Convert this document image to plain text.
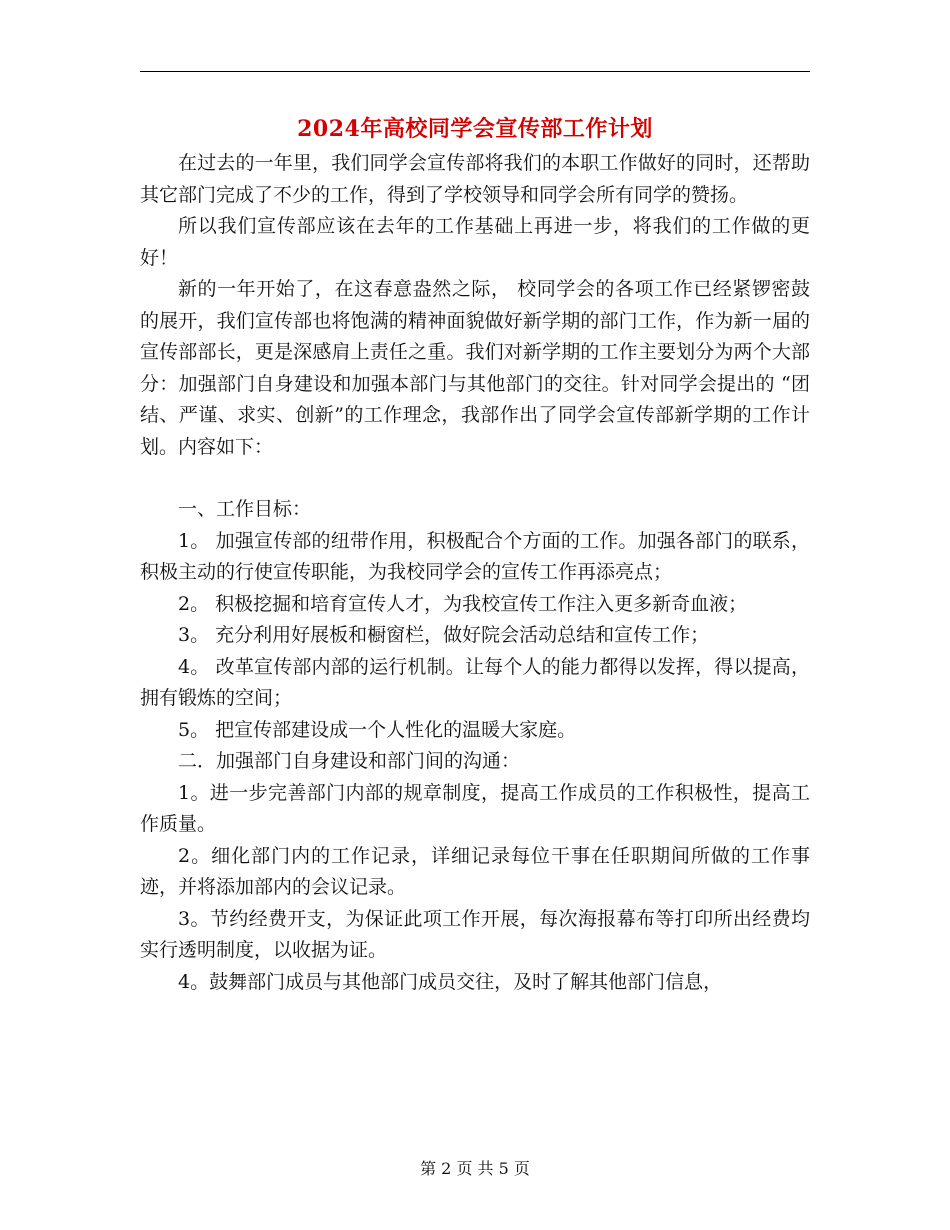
2024年高校同学会宣传部工作计划

在过去的一年里，我们同学会宣传部将我们的本职工作做好的同时，还帮助其它部门完成了不少的工作，得到了学校领导和同学会所有同学的赞扬。

所以我们宣传部应该在去年的工作基础上再进一步，将我们的工作做的更好！

新的一年开始了，在这春意盎然之际， 校同学会的各项工作已经紧锣密鼓的展开，我们宣传部也将饱满的精神面貌做好新学期的部门工作，作为新一届的宣传部部长，更是深感肩上责任之重。我们对新学期的工作主要划分为两个大部分：加强部门自身建设和加强本部门与其他部门的交往。针对同学会提出的 “团结、严谨、求实、创新”的工作理念，我部作出了同学会宣传部新学期的工作计划。内容如下：

一、工作目标：

1。 加强宣传部的纽带作用，积极配合个方面的工作。加强各部门的联系，积极主动的行使宣传职能，为我校同学会的宣传工作再添亮点；

2。 积极挖掘和培育宣传人才，为我校宣传工作注入更多新奇血液；

3。 充分利用好展板和橱窗栏，做好院会活动总结和宣传工作；

4。 改革宣传部内部的运行机制。让每个人的能力都得以发挥，得以提高，拥有锻炼的空间；

5。 把宣传部建设成一个人性化的温暖大家庭。

二．加强部门自身建设和部门间的沟通：

1。进一步完善部门内部的规章制度，提高工作成员的工作积极性，提高工作质量。

2。细化部门内的工作记录，详细记录每位干事在任职期间所做的工作事迹，并将添加部内的会议记录。

3。节约经费开支，为保证此项工作开展，每次海报幕布等打印所出经费均实行透明制度，以收据为证。

4。鼓舞部门成员与其他部门成员交往，及时了解其他部门信息，

第 2 页 共 5 页
